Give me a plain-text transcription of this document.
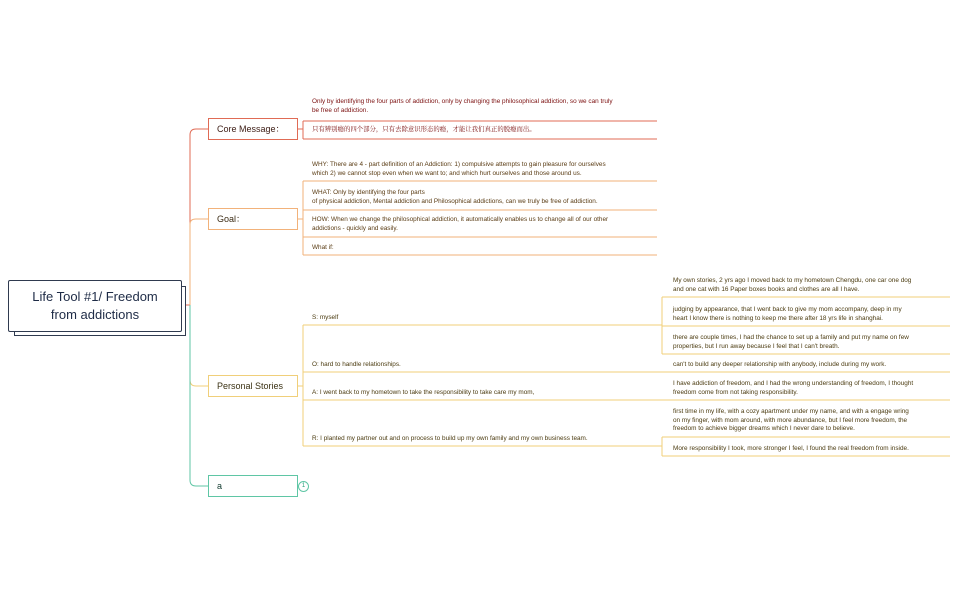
Life Tool #1/ Freedom
from addictions
Core Message：
Goal：
Personal Stories
a	1
Only by identifying the four parts of addiction, only by changing the philosophical addiction, so we can truly
be free of addiction.
只有辨别瘾的四个部分，只有去除意识形态的瘾，才能让我们真正的脱瘾而出。
WHY: There are 4 - part definition of an Addiction: 1) compulsive attempts to gain pleasure for ourselves
which 2) we cannot stop even when we want to; and which hurt ourselves and those around us.
WHAT: Only by identifying the four parts
of physical addiction, Mental addiction and Philosophical addictions, can we truly be free of addiction.
HOW: When we change the philosophical addiction, it automatically enables us to change all of our other
addictions - quickly and easily.
What if:
S: myself
O: hard to handle relationships.
A: I went back to my hometown to take the responsibility to take care my mom,
R: I planted my partner out and on process to build up my own family and my own business team.
My own stories, 2 yrs ago I moved back to my hometown Chengdu, one car one dog
and one cat with 16 Paper boxes books and clothes are all I have.
judging by appearance, that I went back to give my mom accompany, deep in my
heart I know there is nothing to keep me there after 18 yrs life in shanghai.
there are couple times, I had the chance to set up a family and put my name on few
properties, but I run away because I feel that I can't breath.
can't to build any deeper relationship with anybody, include during my work.
I have addiction of freedom, and I had the wrong understanding of freedom, I thought
freedom come from not taking responsibility.
first time in my life, with a cozy apartment under my name, and with a engage wring
on my finger, with mom around, with more abundance, but I feel more freedom, the
freedom to achieve bigger dreams which I never dare to believe.
More responsibility I took, more stronger I feel, I found the real freedom from inside.
